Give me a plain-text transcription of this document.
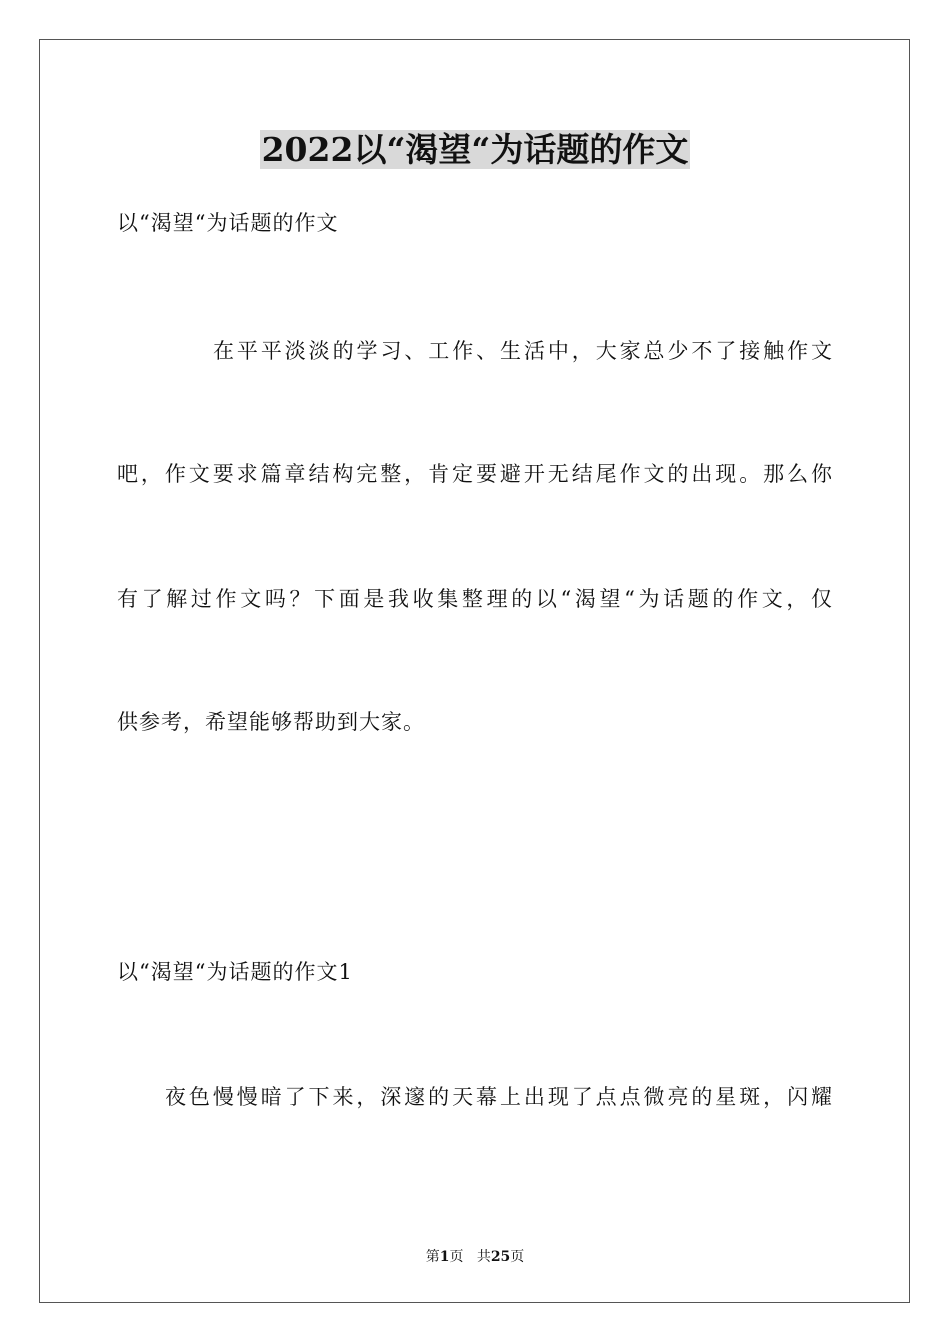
2022以“渴望“为话题的作文
以“渴望“为话题的作文
在平平淡淡的学习、工作、生活中，大家总少不了接触作文
吧，作文要求篇章结构完整，肯定要避开无结尾作文的出现。那么你
有了解过作文吗？下面是我收集整理的以“渴望“为话题的作文，仅
供参考，希望能够帮助到大家。
以“渴望“为话题的作文1
夜色慢慢暗了下来，深邃的天幕上出现了点点微亮的星斑，闪耀
第1页 共25页
